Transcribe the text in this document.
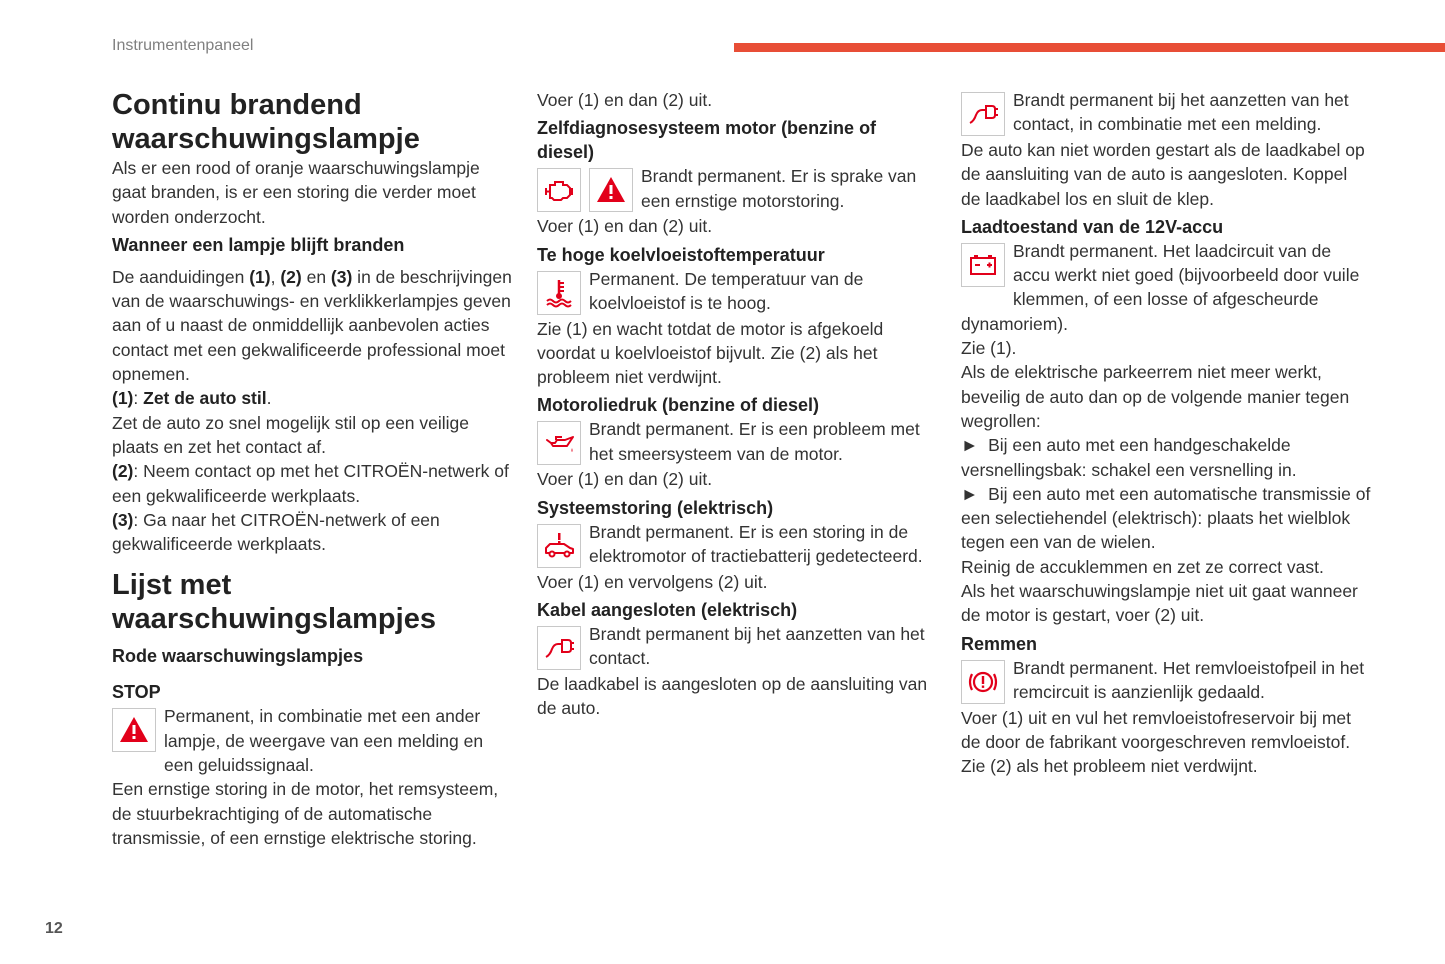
Instrumentenpaneel
Continu brandend waarschuwingslampje

Als er een rood of oranje waarschuwingslampje gaat branden, is er een storing die verder moet worden onderzocht.

Wanneer een lampje blijft branden

De aanduidingen (1), (2) en (3) in de beschrijvingen van de waarschuwings- en verklikkerlampjes geven aan of u naast de onmiddellijk aanbevolen acties contact met een gekwalificeerde professional moet opnemen.

(1): Zet de auto stil.

Zet de auto zo snel mogelijk stil op een veilige plaats en zet het contact af.

(2): Neem contact op met het CITROËN-netwerk of een gekwalificeerde werkplaats.

(3): Ga naar het CITROËN-netwerk of een gekwalificeerde werkplaats.

Lijst met waarschuwingslampjes
Rode waarschuwingslampjes
STOP

Permanent, in combinatie met een ander lampje, de weergave van een melding en een geluidssignaal.

Een ernstige storing in de motor, het remsysteem, de stuurbekrachtiging of de automatische transmissie, of een ernstige elektrische storing.

Voer (1) en dan (2) uit.

Zelfdiagnosesysteem motor (benzine of diesel)

Brandt permanent. Er is sprake van een ernstige motorstoring.

Voer (1) en dan (2) uit.

Te hoge koelvloeistoftemperatuur

Permanent. De temperatuur van de koelvloeistof is te hoog.

Zie (1) en wacht totdat de motor is afgekoeld voordat u koelvloeistof bijvult. Zie (2) als het probleem niet verdwijnt.

Motoroliedruk (benzine of diesel)

Brandt permanent. Er is een probleem met het smeersysteem van de motor.

Voer (1) en dan (2) uit.

Systeemstoring (elektrisch)

Brandt permanent. Er is een storing in de elektromotor of tractiebatterij gedetecteerd.

Voer (1) en vervolgens (2) uit.

Kabel aangesloten (elektrisch)

Brandt permanent bij het aanzetten van het contact.

De laadkabel is aangesloten op de aansluiting van de auto.

Brandt permanent bij het aanzetten van het contact, in combinatie met een melding.

De auto kan niet worden gestart als de laadkabel op de aansluiting van de auto is aangesloten. Koppel de laadkabel los en sluit de klep.

Laadtoestand van de 12V-accu

Brandt permanent. Het laadcircuit van de accu werkt niet goed (bijvoorbeeld door vuile klemmen, of een losse of afgescheurde dynamoriem).

Zie (1).

Als de elektrische parkeerrem niet meer werkt, beveilig de auto dan op de volgende manier tegen wegrollen:

► Bij een auto met een handgeschakelde versnellingsbak: schakel een versnelling in.

► Bij een auto met een automatische transmissie of een selectiehendel (elektrisch): plaats het wielblok tegen een van de wielen.

Reinig de accuklemmen en zet ze correct vast.

Als het waarschuwingslampje niet uit gaat wanneer de motor is gestart, voer (2) uit.

Remmen

Brandt permanent. Het remvloeistofpeil in het remcircuit is aanzienlijk gedaald.

Voer (1) uit en vul het remvloeistofreservoir bij met de door de fabrikant voorgeschreven remvloeistof. Zie (2) als het probleem niet verdwijnt.

12
